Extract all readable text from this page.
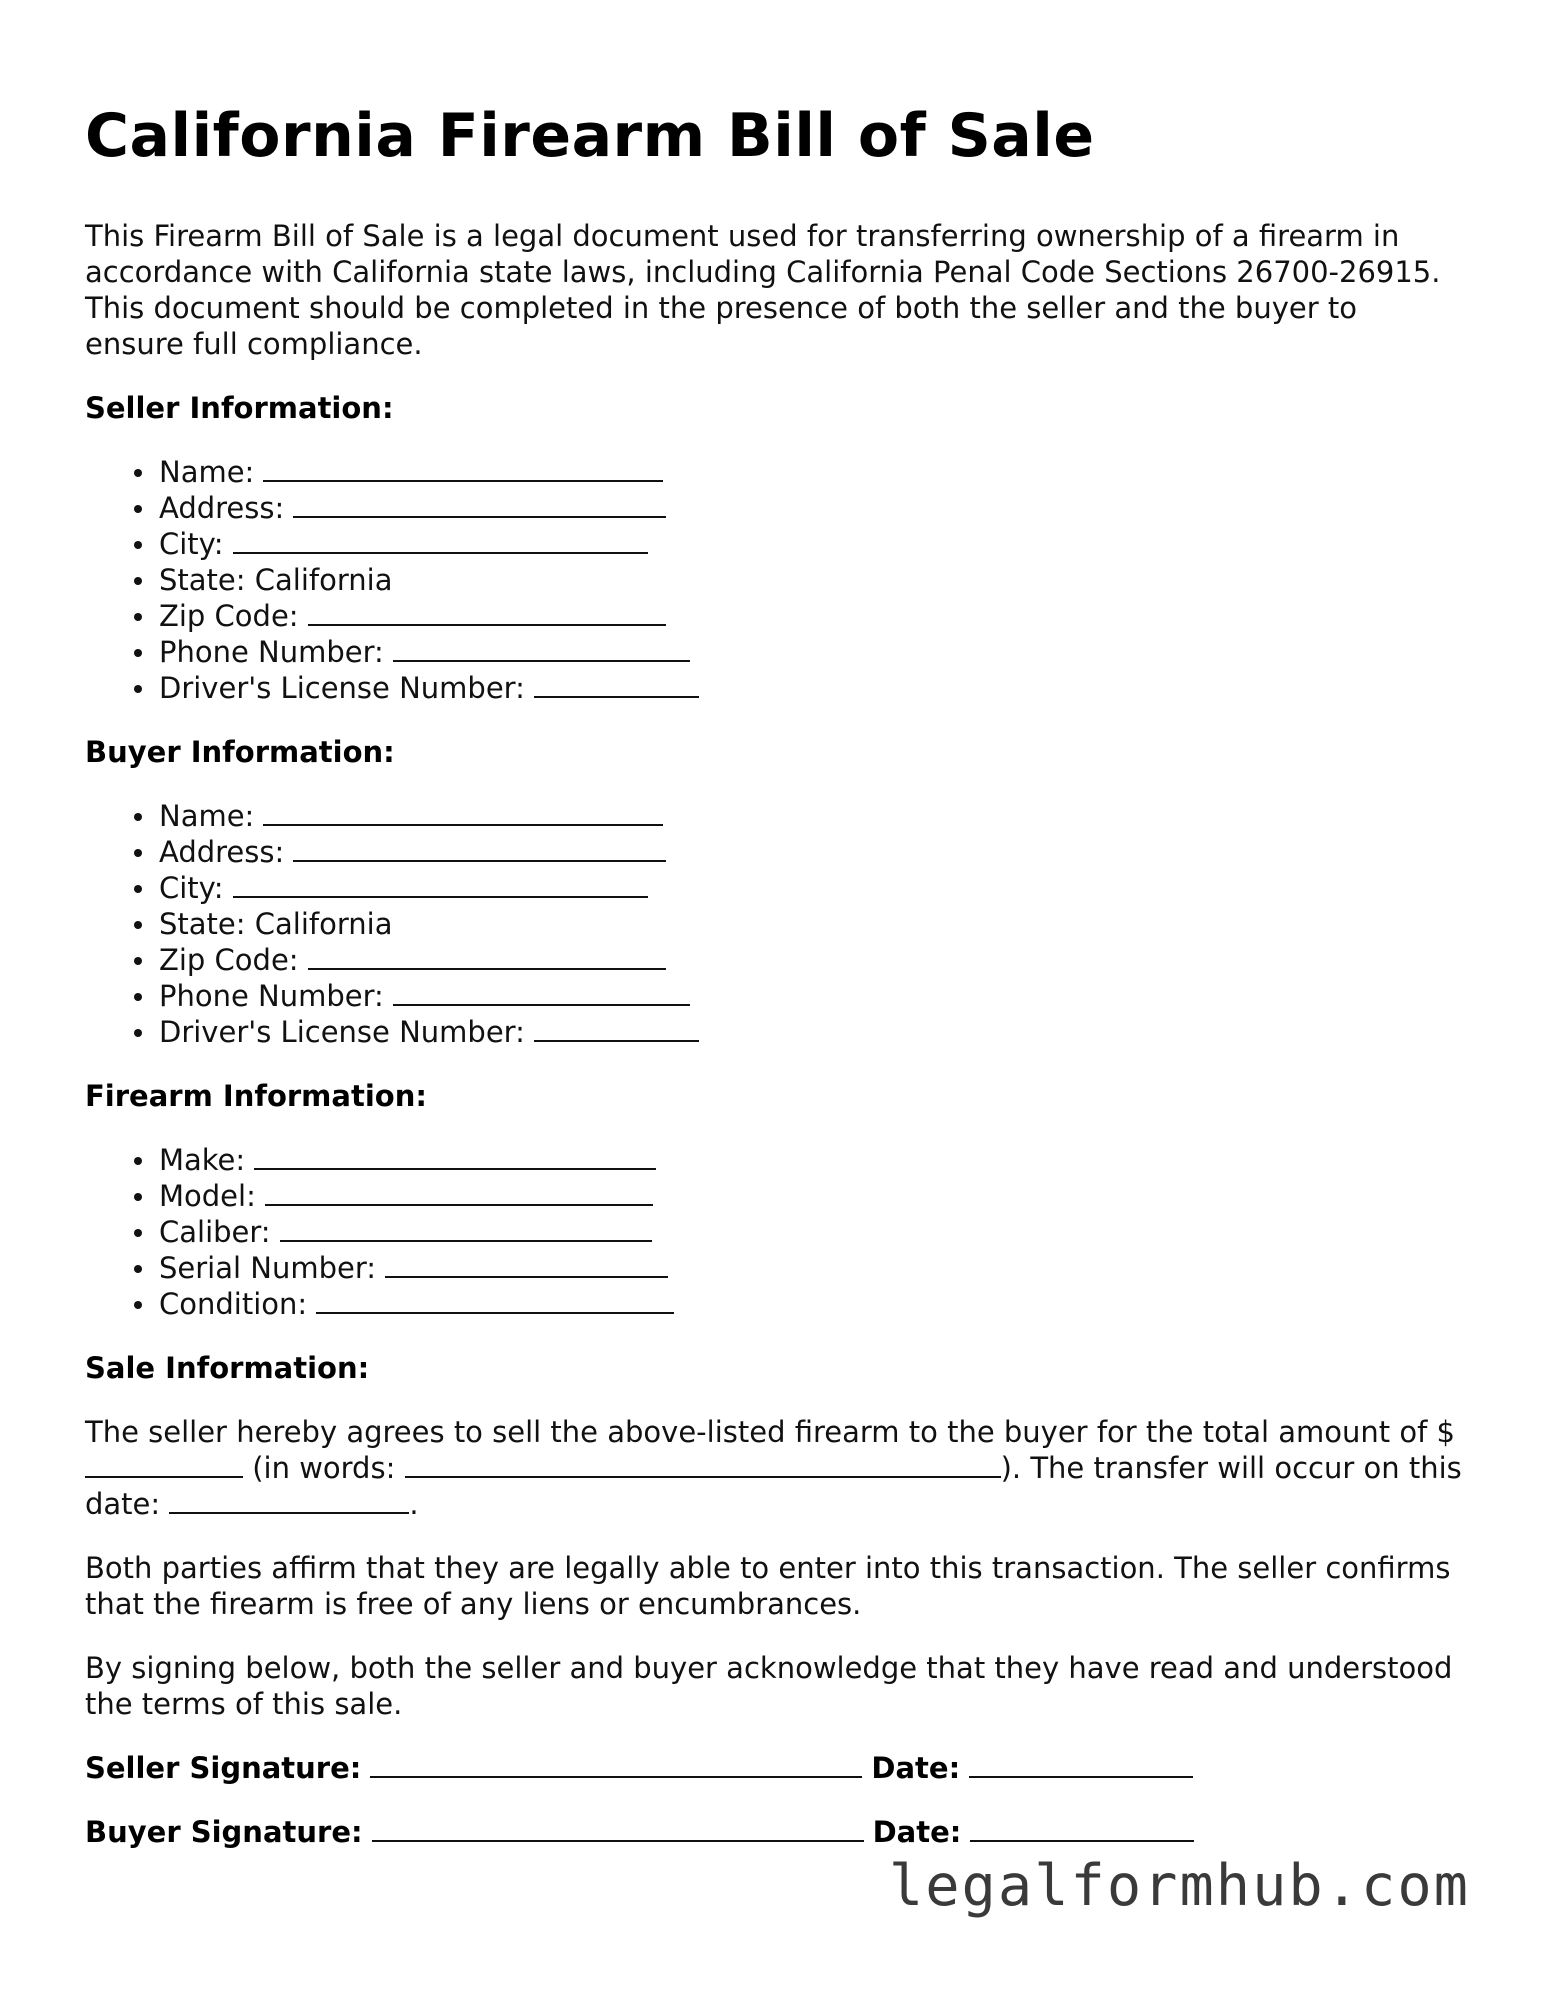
California Firearm Bill of Sale

This Firearm Bill of Sale is a legal document used for transferring ownership of a firearm in accordance with California state laws, including California Penal Code Sections 26700-26915. This document should be completed in the presence of both the seller and the buyer to ensure full compliance.

Seller Information:
Name:
Address:
City:
State: California
Zip Code:
Phone Number:
Driver's License Number:
Buyer Information:
Name:
Address:
City:
State: California
Zip Code:
Phone Number:
Driver's License Number:
Firearm Information:
Make:
Model:
Caliber:
Serial Number:
Condition:
Sale Information:

The seller hereby agrees to sell the above-listed firearm to the buyer for the total amount of $ (in words:	). The transfer will occur on this date:	.

Both parties affirm that they are legally able to enter into this transaction. The seller confirms that the firearm is free of any liens or encumbrances.

By signing below, both the seller and buyer acknowledge that they have read and understood the terms of this sale.

Seller Signature:	Date:
Buyer Signature:	Date:
legalformhub.com
